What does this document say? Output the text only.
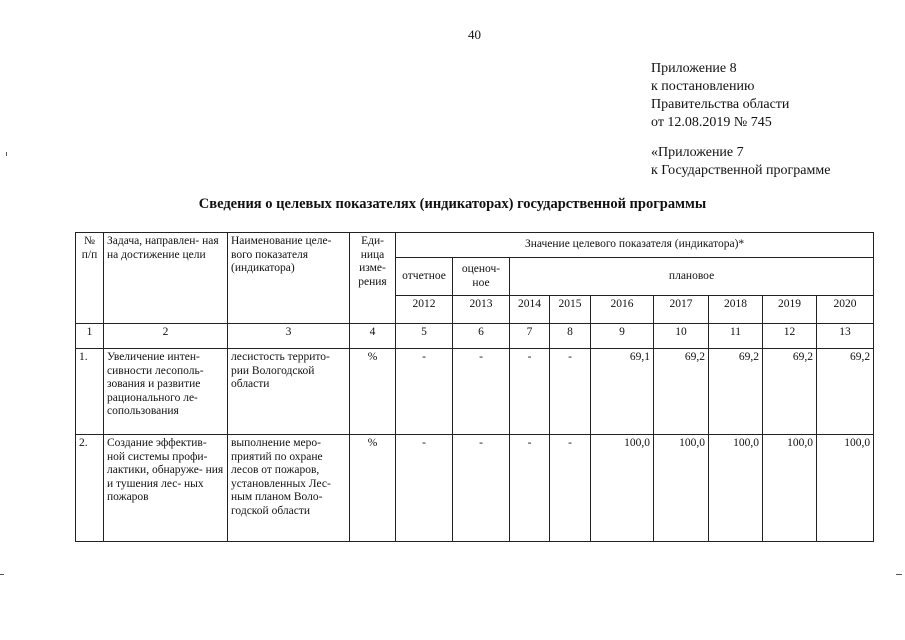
40
Приложение 8
к постановлению
Правительства области
от 12.08.2019 № 745
«Приложение 7
к Государственной программе
Сведения о целевых показателях (индикаторах) государственной программы
№ п/п	Задача, направлен- ная на достижение цели	Наименование целе- вого показателя (индикатора)	Еди- ница изме- рения	Значение целевого показателя (индикатора)*								
				отчетное	оценоч- ное	плановое						
				2012	2013	2014	2015	2016	2017	2018	2019	2020
1	2	3	4	5	6	7	8	9	10	11	12	13
1.	Увеличение интен- сивности лесополь- зования и развитие рационального ле- сопользования	лесистость террито- рии Вологодской области	%	-	-	-	-	69,1	69,2	69,2	69,2	69,2
2.	Создание эффектив- ной системы профи- лактики, обнаруже- ния и тушения лес- ных пожаров	выполнение меро- приятий по охране лесов от пожаров, установленных Лес- ным планом Воло- годской области	%	-	-	-	-	100,0	100,0	100,0	100,0	100,0
